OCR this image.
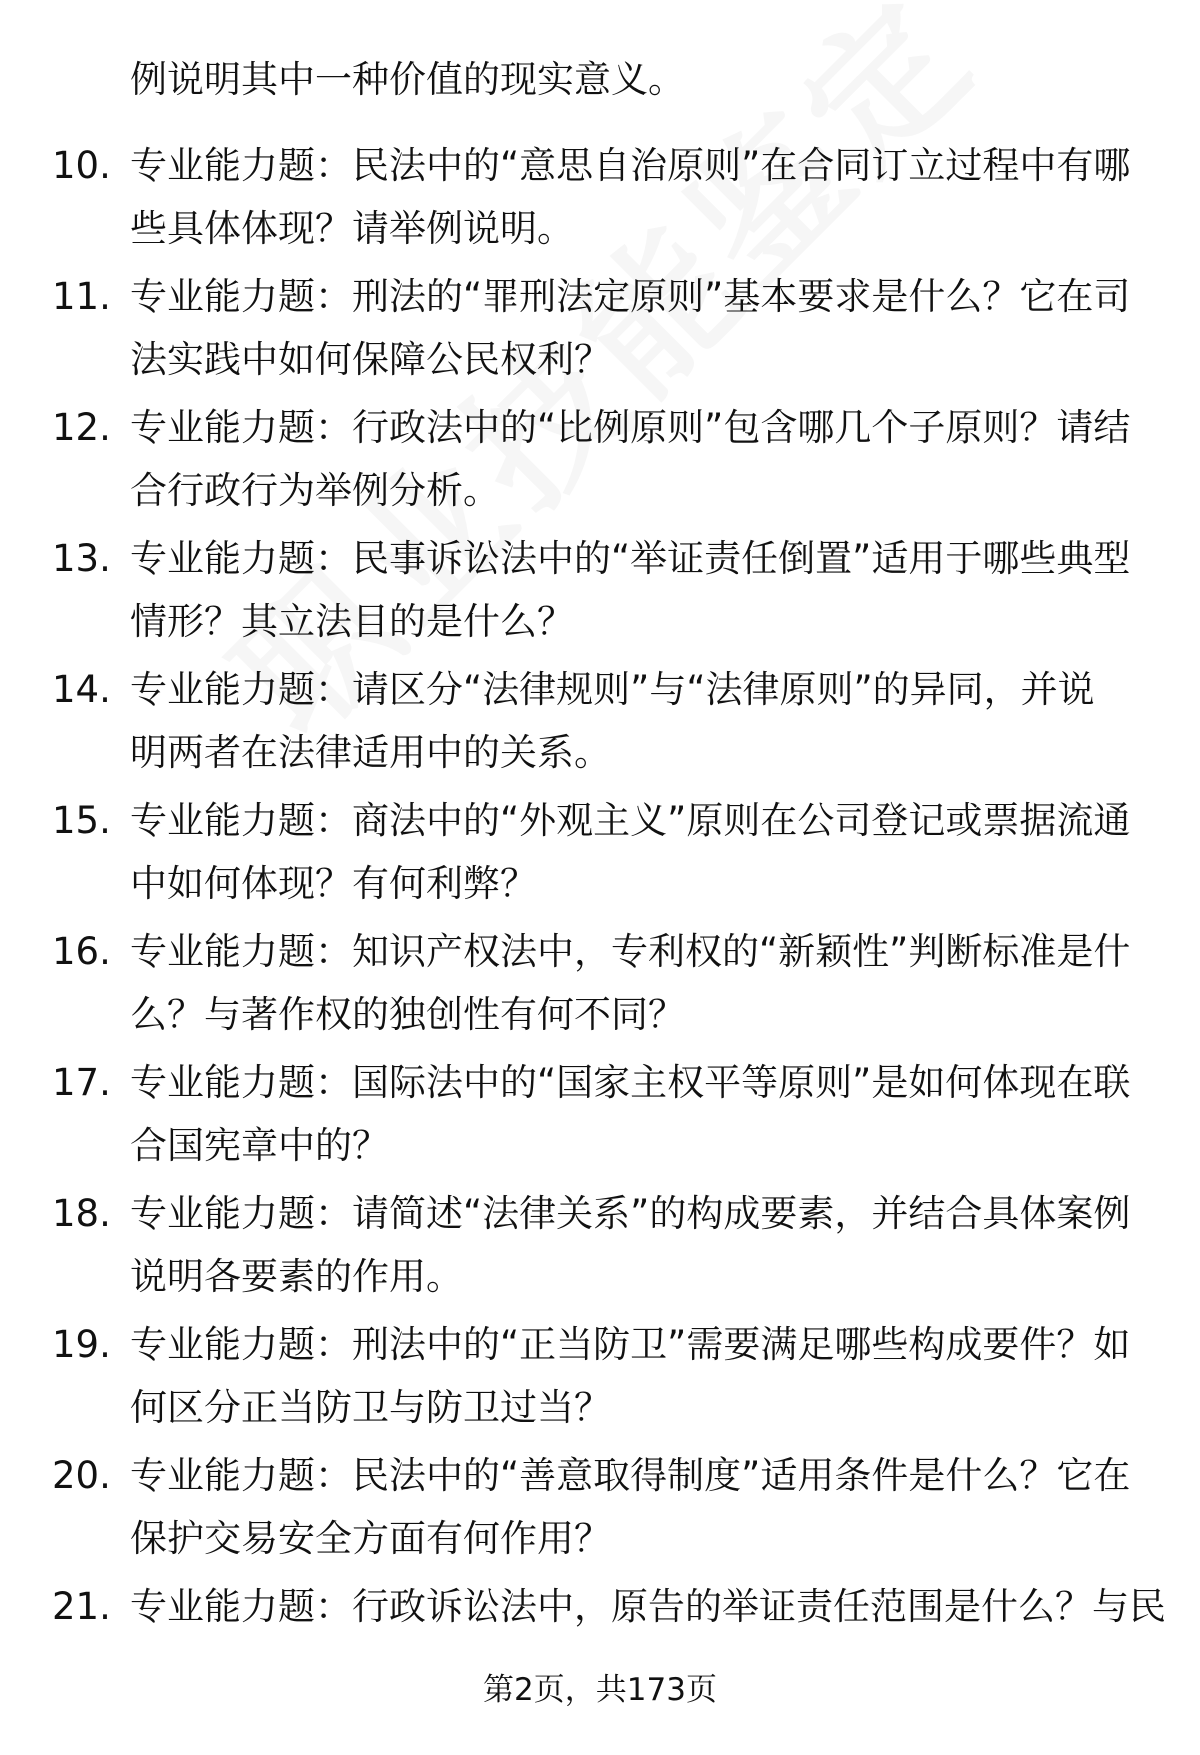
例说明其中一种价值的现实意义。
10. 专业能力题：民法中的“意思自治原则”在合同订立过程中有哪
些具体体现？请举例说明。
11. 专业能力题：刑法的“罪刑法定原则”基本要求是什么？它在司
法实践中如何保障公民权利？
12. 专业能力题：行政法中的“比例原则”包含哪几个子原则？请结
合行政行为举例分析。
13. 专业能力题：民事诉讼法中的“举证责任倒置”适用于哪些典型
情形？其立法目的是什么？
14. 专业能力题：请区分“法律规则”与“法律原则”的异同，并说
明两者在法律适用中的关系。
15. 专业能力题：商法中的“外观主义”原则在公司登记或票据流通
中如何体现？有何利弊？
16. 专业能力题：知识产权法中，专利权的“新颖性”判断标准是什
么？与著作权的独创性有何不同？
17. 专业能力题：国际法中的“国家主权平等原则”是如何体现在联
合国宪章中的？
18. 专业能力题：请简述“法律关系”的构成要素，并结合具体案例
说明各要素的作用。
19. 专业能力题：刑法中的“正当防卫”需要满足哪些构成要件？如
何区分正当防卫与防卫过当？
20. 专业能力题：民法中的“善意取得制度”适用条件是什么？它在
保护交易安全方面有何作用？
21. 专业能力题：行政诉讼法中，原告的举证责任范围是什么？与民
第2页，共173页
